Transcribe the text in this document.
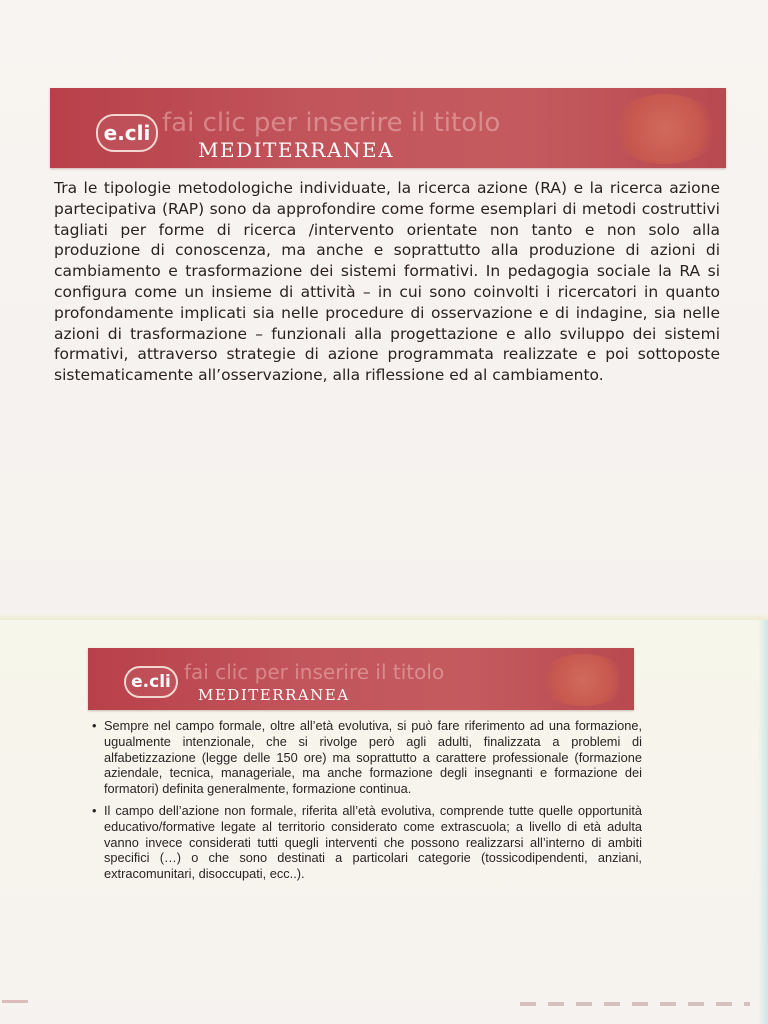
fai clic per inserire il titolo
e.cli
MEDITERRANEA

Tra le tipologie metodologiche individuate, la ricerca azione (RA) e la ricerca azione partecipativa (RAP) sono da approfondire come forme esemplari di metodi costruttivi tagliati per forme di ricerca /intervento orientate non tanto e non solo alla produzione di conoscenza, ma anche e soprattutto alla produzione di azioni di cambiamento e trasformazione dei sistemi formativi. In pedagogia sociale la RA si configura come un insieme di attività – in cui sono coinvolti i ricercatori in quanto profondamente implicati sia nelle procedure di osservazione e di indagine, sia nelle azioni di trasformazione – funzionali alla progettazione e allo sviluppo dei sistemi formativi, attraverso strategie di azione programmata realizzate e poi sottoposte sistematicamente all’osservazione, alla riflessione ed al cambiamento.

fai clic per inserire il titolo
e.cli
MEDITERRANEA
• Sempre nel campo formale, oltre all’età evolutiva, si può fare riferimento ad una formazione, ugualmente intenzionale, che si rivolge però agli adulti, finalizzata a problemi di alfabetizzazione (legge delle 150 ore) ma soprattutto a carattere professionale (formazione aziendale, tecnica, manageriale, ma anche formazione degli insegnanti e formazione dei formatori) definita generalmente, formazione continua.
• Il campo dell’azione non formale, riferita all’età evolutiva, comprende tutte quelle opportunità educativo/formative legate al territorio considerato come extrascuola; a livello di età adulta vanno invece considerati tutti quegli interventi che possono realizzarsi all’interno di ambiti specifici (…) o che sono destinati a particolari categorie (tossicodipendenti, anziani, extracomunitari, disoccupati, ecc..).
